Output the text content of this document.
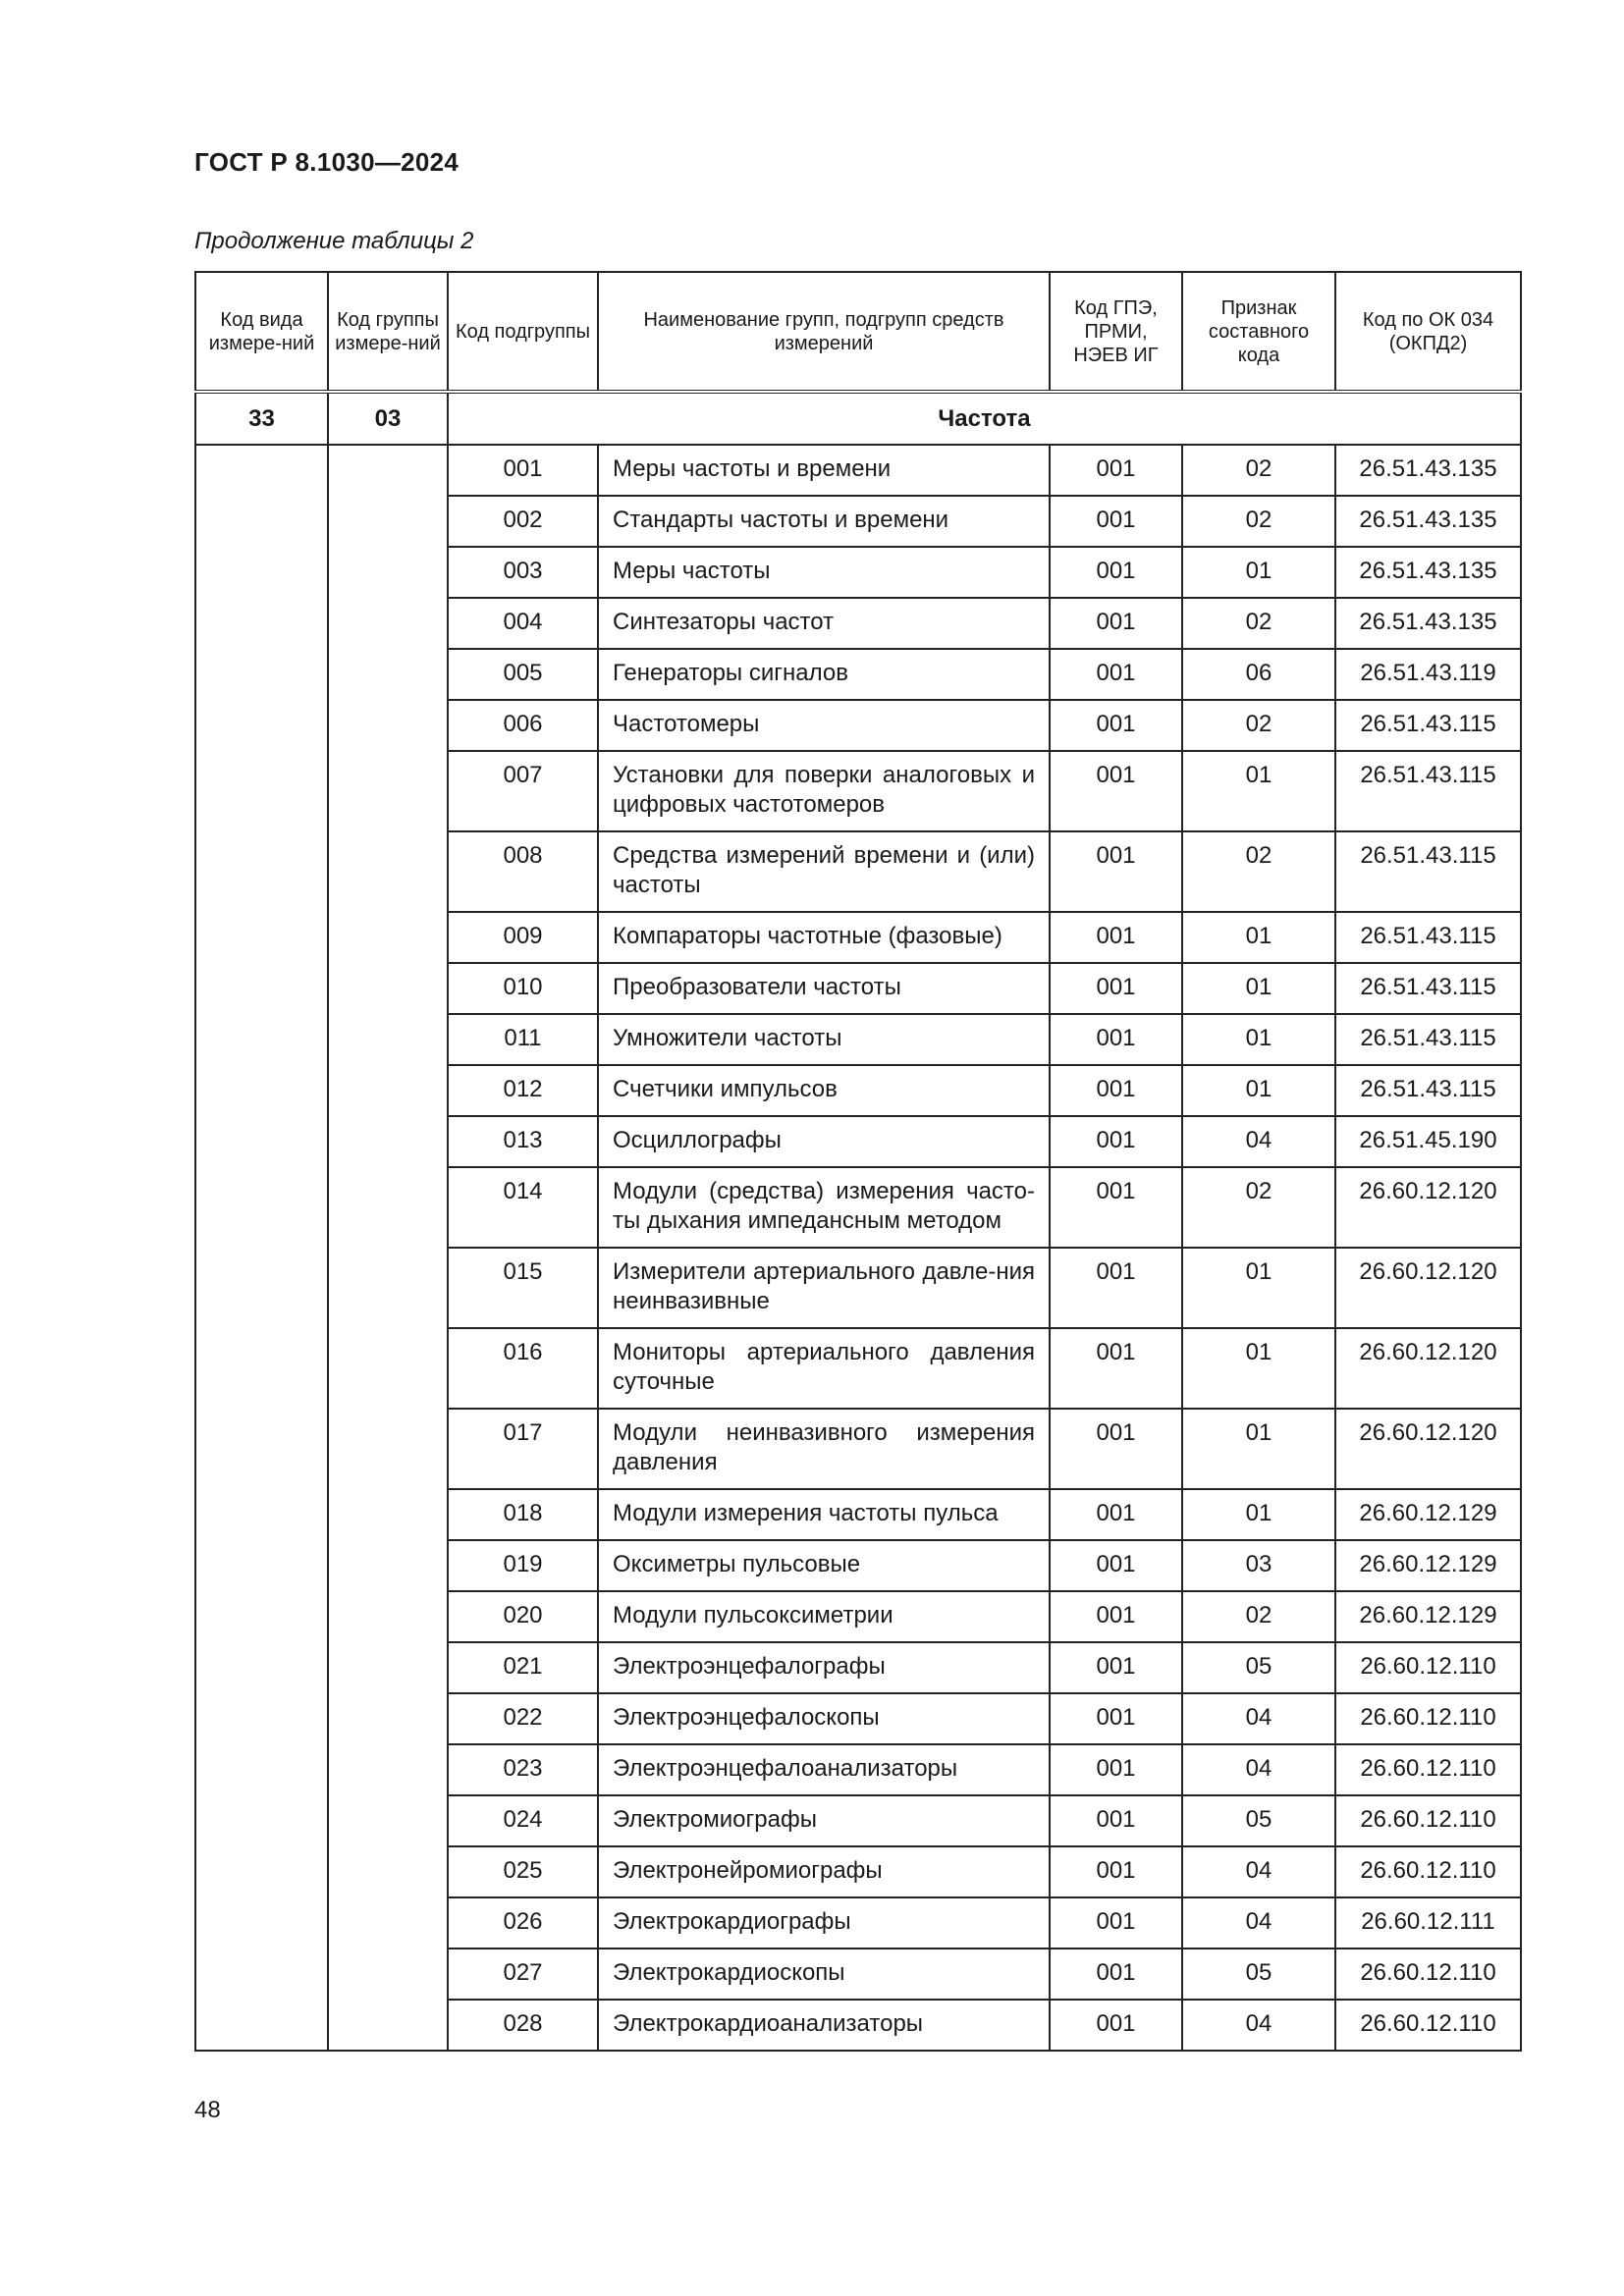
ГОСТ Р 8.1030—2024
Продолжение таблицы 2
Код вида измере-ний	Код группы измере-ний	Код подгруппы	Наименование групп, подгрупп средств измерений	Код ГПЭ, ПРМИ, НЭЕВ ИГ	Признак составного кода	Код по ОК 034 (ОКПД2)
33	03	Частота				
		001	Меры частоты и времени	001	02	26.51.43.135
		002	Стандарты частоты и времени	001	02	26.51.43.135
		003	Меры частоты	001	01	26.51.43.135
		004	Синтезаторы частот	001	02	26.51.43.135
		005	Генераторы сигналов	001	06	26.51.43.119
		006	Частотомеры	001	02	26.51.43.115
		007	Установки для поверки аналоговых и цифровых частотомеров	001	01	26.51.43.115
		008	Средства измерений времени и (или) частоты	001	02	26.51.43.115
		009	Компараторы частотные (фазовые)	001	01	26.51.43.115
		010	Преобразователи частоты	001	01	26.51.43.115
		011	Умножители частоты	001	01	26.51.43.115
		012	Счетчики импульсов	001	01	26.51.43.115
		013	Осциллографы	001	04	26.51.45.190
		014	Модули (средства) измерения часто-ты дыхания импедансным методом	001	02	26.60.12.120
		015	Измерители артериального давле-ния неинвазивные	001	01	26.60.12.120
		016	Мониторы артериального давления суточные	001	01	26.60.12.120
		017	Модули неинвазивного измерения давления	001	01	26.60.12.120
		018	Модули измерения частоты пульса	001	01	26.60.12.129
		019	Оксиметры пульсовые	001	03	26.60.12.129
		020	Модули пульсоксиметрии	001	02	26.60.12.129
		021	Электроэнцефалографы	001	05	26.60.12.110
		022	Электроэнцефалоскопы	001	04	26.60.12.110
		023	Электроэнцефалоанализаторы	001	04	26.60.12.110
		024	Электромиографы	001	05	26.60.12.110
		025	Электронейромиографы	001	04	26.60.12.110
		026	Электрокардиографы	001	04	26.60.12.111
		027	Электрокардиоскопы	001	05	26.60.12.110
		028	Электрокардиоанализаторы	001	04	26.60.12.110
48
